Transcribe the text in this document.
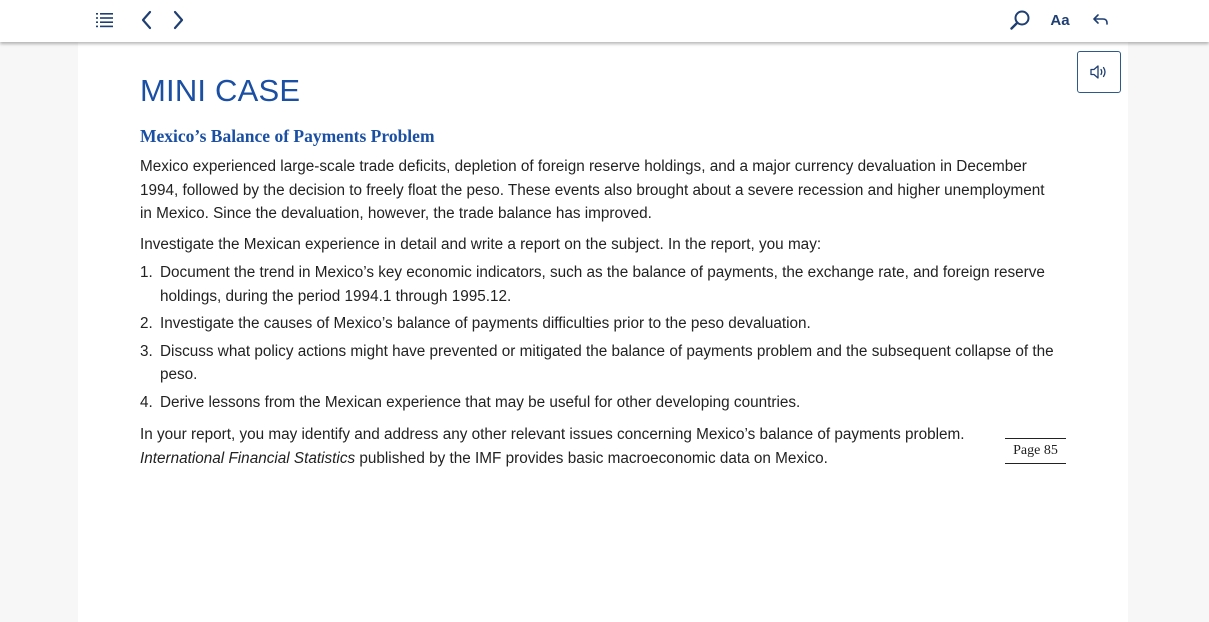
Aa
MINI CASE
Mexico’s Balance of Payments Problem

Mexico experienced large-scale trade deficits, depletion of foreign reserve holdings, and a major currency devaluation in December 1994, followed by the decision to freely float the peso. These events also brought about a severe recession and higher unemployment in Mexico. Since the devaluation, however, the trade balance has improved.

Investigate the Mexican experience in detail and write a report on the subject. In the report, you may:

1. Document the trend in Mexico’s key economic indicators, such as the balance of payments, the exchange rate, and foreign reserve holdings, during the period 1994.1 through 1995.12.
2. Investigate the causes of Mexico’s balance of payments difficulties prior to the peso devaluation.
3. Discuss what policy actions might have prevented or mitigated the balance of payments problem and the subsequent collapse of the peso.
4. Derive lessons from the Mexican experience that may be useful for other developing countries.

In your report, you may identify and address any other relevant issues concerning Mexico’s balance of payments problem. International Financial Statistics published by the IMF provides basic macroeconomic data on Mexico.	Page 85
